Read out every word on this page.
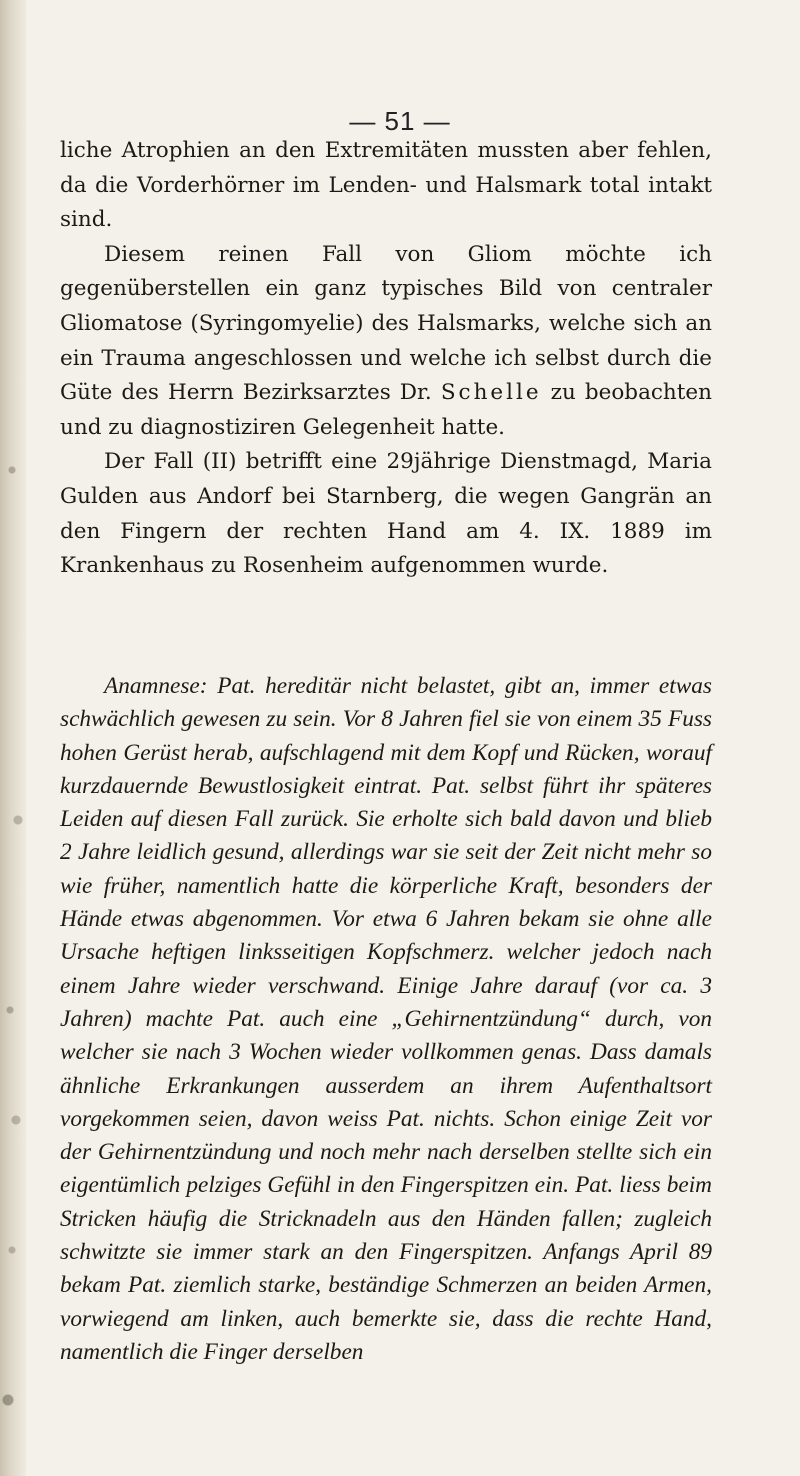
— 51 —

liche Atrophien an den Extremitäten mussten aber fehlen, da die Vorderhörner im Lenden- und Halsmark total intakt sind.

Diesem reinen Fall von Gliom möchte ich gegenüberstellen ein ganz typisches Bild von centraler Gliomatose (Syringomyelie) des Halsmarks, welche sich an ein Trauma angeschlossen und welche ich selbst durch die Güte des Herrn Bezirksarztes Dr. Schelle zu beobachten und zu diagnostiziren Gelegenheit hatte.

Der Fall (II) betrifft eine 29jährige Dienstmagd, Maria Gulden aus Andorf bei Starnberg, die wegen Gangrän an den Fingern der rechten Hand am 4. IX. 1889 im Krankenhaus zu Rosenheim aufgenommen wurde.

Anamnese: Pat. hereditär nicht belastet, gibt an, immer etwas schwächlich gewesen zu sein. Vor 8 Jahren fiel sie von einem 35 Fuss hohen Gerüst herab, aufschlagend mit dem Kopf und Rücken, worauf kurzdauernde Bewustlosigkeit eintrat. Pat. selbst führt ihr späteres Leiden auf diesen Fall zurück. Sie erholte sich bald davon und blieb 2 Jahre leidlich gesund, allerdings war sie seit der Zeit nicht mehr so wie früher, namentlich hatte die körperliche Kraft, besonders der Hände etwas abgenommen. Vor etwa 6 Jahren bekam sie ohne alle Ursache heftigen linksseitigen Kopfschmerz. welcher jedoch nach einem Jahre wieder verschwand. Einige Jahre darauf (vor ca. 3 Jahren) machte Pat. auch eine „Gehirnentzündung“ durch, von welcher sie nach 3 Wochen wieder vollkommen genas. Dass damals ähnliche Erkrankungen ausserdem an ihrem Aufenthaltsort vorgekommen seien, davon weiss Pat. nichts. Schon einige Zeit vor der Gehirnentzündung und noch mehr nach derselben stellte sich ein eigentümlich pelziges Gefühl in den Fingerspitzen ein. Pat. liess beim Stricken häufig die Stricknadeln aus den Händen fallen; zugleich schwitzte sie immer stark an den Fingerspitzen. Anfangs April 89 bekam Pat. ziemlich starke, beständige Schmerzen an beiden Armen, vorwiegend am linken, auch bemerkte sie, dass die rechte Hand, namentlich die Finger derselben
